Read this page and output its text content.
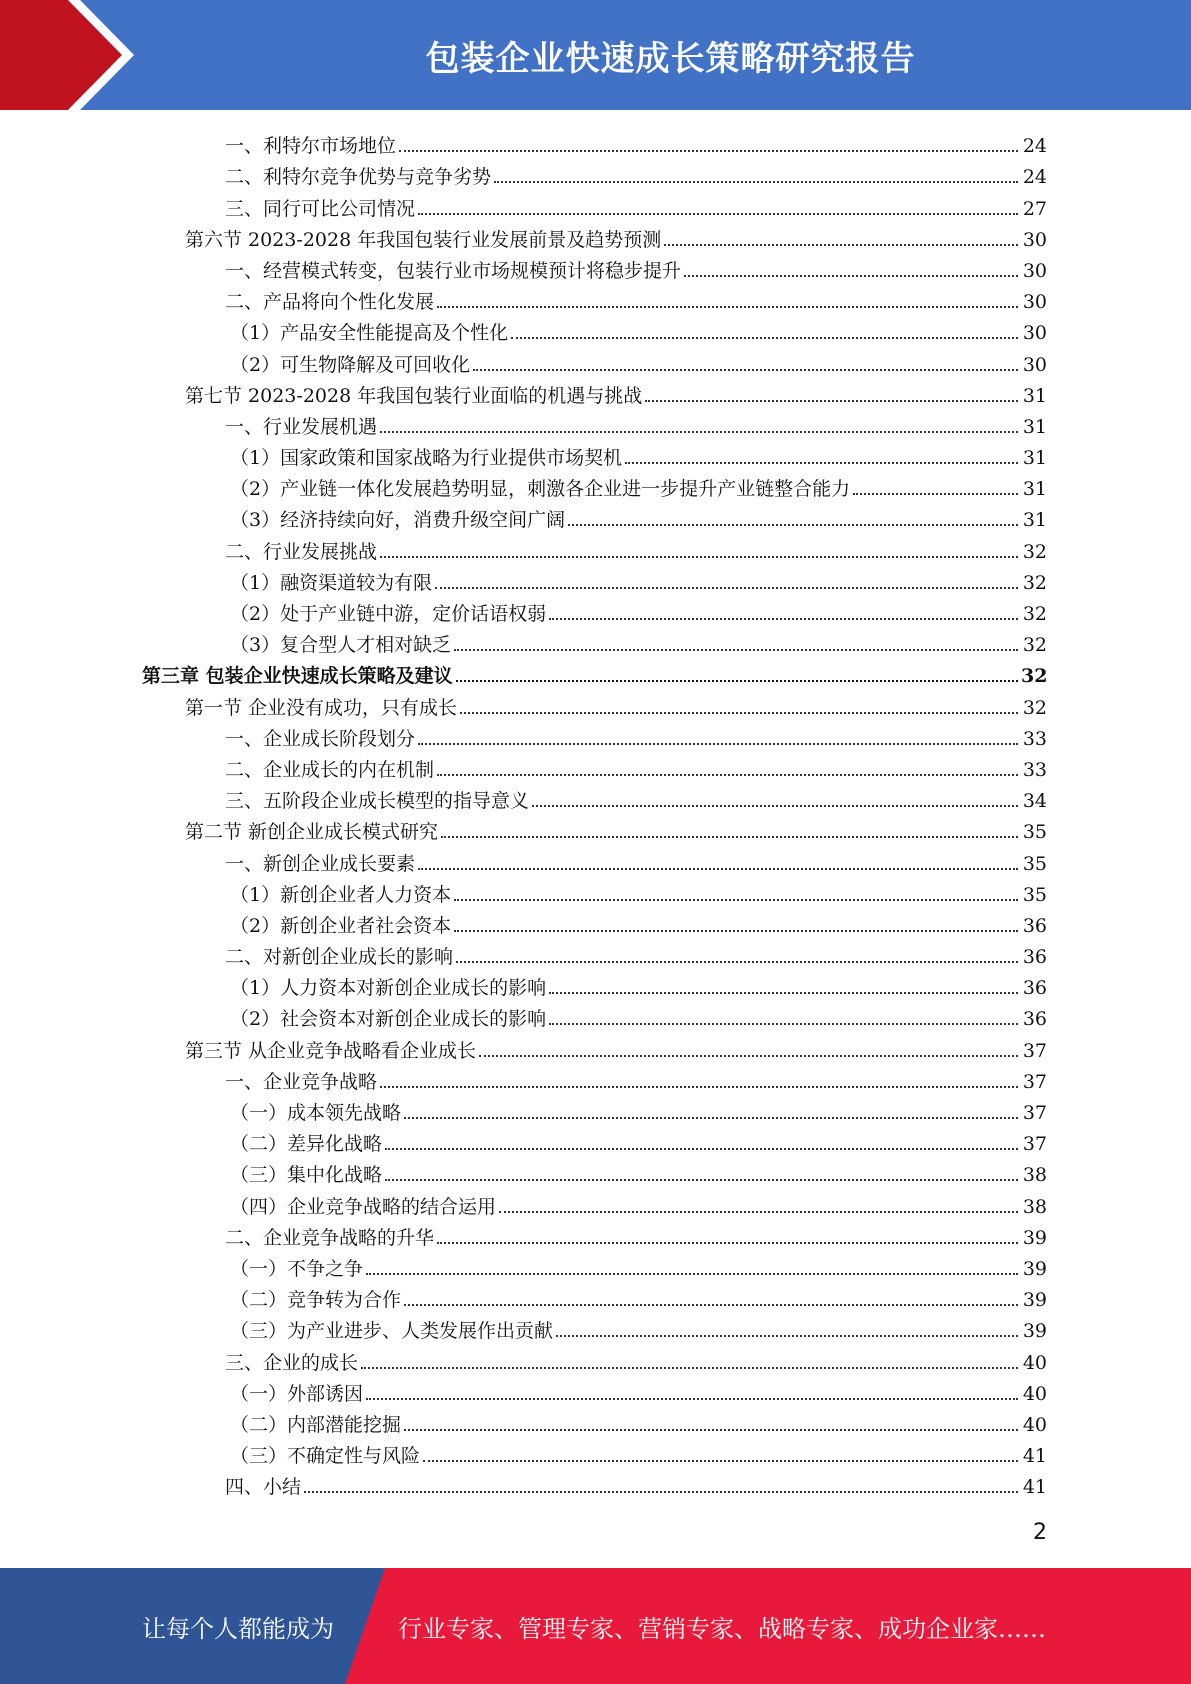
包装企业快速成长策略研究报告
一、利特尔市场地位	24
二、利特尔竞争优势与竞争劣势	24
三、同行可比公司情况	27
第六节 2023-2028 年我国包装行业发展前景及趋势预测	30
一、经营模式转变，包装行业市场规模预计将稳步提升	30
二、产品将向个性化发展	30
（1）产品安全性能提高及个性化	30
（2）可生物降解及可回收化	30
第七节 2023-2028 年我国包装行业面临的机遇与挑战	31
一、行业发展机遇	31
（1）国家政策和国家战略为行业提供市场契机	31
（2）产业链一体化发展趋势明显，刺激各企业进一步提升产业链整合能力	31
（3）经济持续向好，消费升级空间广阔	31
二、行业发展挑战	32
（1）融资渠道较为有限	32
（2）处于产业链中游，定价话语权弱	32
（3）复合型人才相对缺乏	32
第三章 包装企业快速成长策略及建议	32
第一节 企业没有成功，只有成长	32
一、企业成长阶段划分	33
二、企业成长的内在机制	33
三、五阶段企业成长模型的指导意义	34
第二节 新创企业成长模式研究	35
一、新创企业成长要素	35
（1）新创企业者人力资本	35
（2）新创企业者社会资本	36
二、对新创企业成长的影响	36
（1）人力资本对新创企业成长的影响	36
（2）社会资本对新创企业成长的影响	36
第三节 从企业竞争战略看企业成长	37
一、企业竞争战略	37
（一）成本领先战略	37
（二）差异化战略	37
（三）集中化战略	38
（四）企业竞争战略的结合运用	38
二、企业竞争战略的升华	39
（一）不争之争	39
（二）竞争转为合作	39
（三）为产业进步、人类发展作出贡献	39
三、企业的成长	40
（一）外部诱因	40
（二）内部潜能挖掘	40
（三）不确定性与风险	41
四、小结	41
2
让每个人都能成为	行业专家、管理专家、营销专家、战略专家、成功企业家……
